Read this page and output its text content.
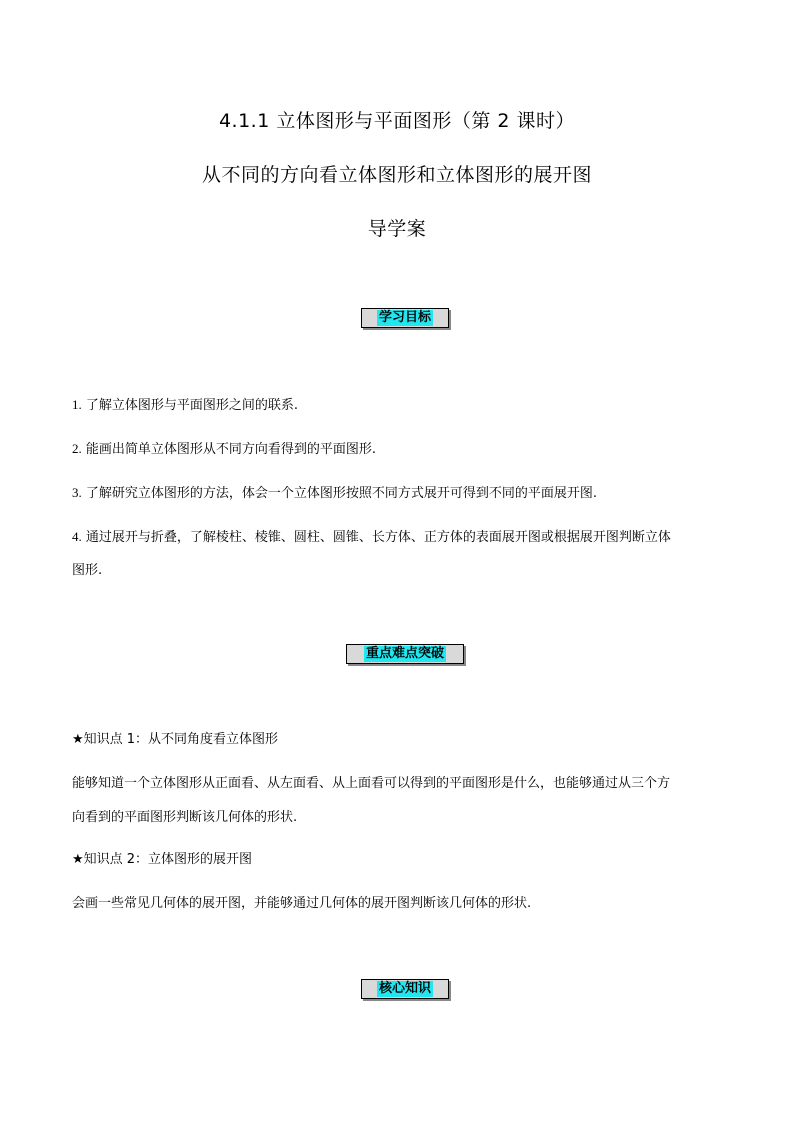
4.1.1 立体图形与平面图形（第 2 课时）
从不同的方向看立体图形和立体图形的展开图
导学案
学习目标

1. 了解立体图形与平面图形之间的联系.

2. 能画出简单立体图形从不同方向看得到的平面图形.

3. 了解研究立体图形的方法，体会一个立体图形按照不同方式展开可得到不同的平面展开图.

4. 通过展开与折叠，了解棱柱、棱锥、圆柱、圆锥、长方体、正方体的表面展开图或根据展开图判断立体

图形.

重点难点突破

★知识点 1：从不同角度看立体图形

能够知道一个立体图形从正面看、从左面看、从上面看可以得到的平面图形是什么，也能够通过从三个方

向看到的平面图形判断该几何体的形状.

★知识点 2：立体图形的展开图

会画一些常见几何体的展开图，并能够通过几何体的展开图判断该几何体的形状.

核心知识
